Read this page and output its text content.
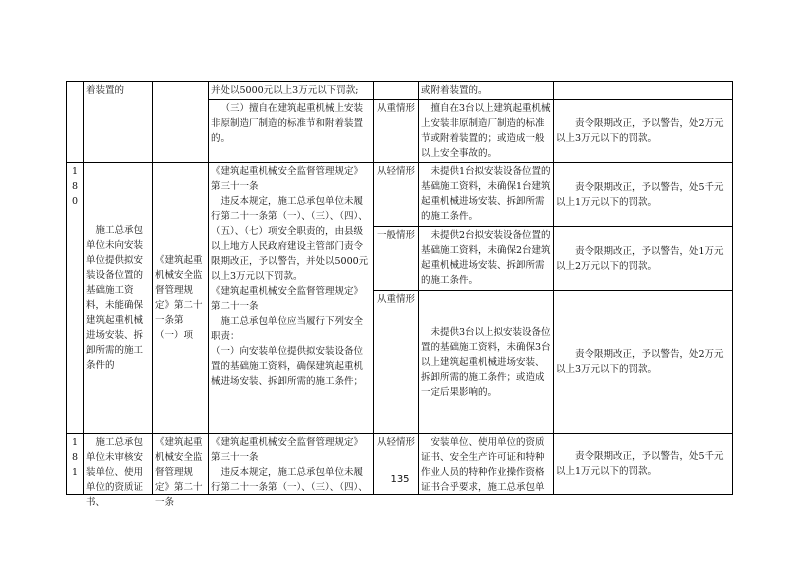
	着装置的		并处以5000元以上3万元以下罚款;		或附着装置的。	
			（三）擅自在建筑起重机械上安装非原制造厂制造的标准节和附着装置的。	从重情形	擅自在3台以上建筑起重机械上安装非原制造厂制造的标准节或附着装置的；或造成一般以上安全事故的。	责令限期改正，予以警告，处2万元以上3万元以下的罚款。
180	施工总承包单位未向安装单位提供拟安装设备位置的基础施工资料，未能确保建筑起重机械进场安装、拆卸所需的施工条件的	《建筑起重机械安全监督管理规定》第二十一条第（一）项	《建筑起重机械安全监督管理规定》第三十一条
违反本规定，施工总承包单位未履行第二十一条第（一）、（三）、（四）、（五）、（七）项安全职责的，由县级以上地方人民政府建设主管部门责令限期改正，予以警告，并处以5000元以上3万元以下罚款。
《建筑起重机械安全监督管理规定》第二十一条
施工总承包单位应当履行下列安全职责：
（一）向安装单位提供拟安装设备位置的基础施工资料，确保建筑起重机械进场安装、拆卸所需的施工条件；	从轻情形	未提供1台拟安装设备位置的基础施工资料，未确保1台建筑起重机械进场安装、拆卸所需的施工条件。	责令限期改正，予以警告，处5千元以上1万元以下的罚款。
				一般情形	未提供2台拟安装设备位置的基础施工资料，未确保2台建筑起重机械进场安装、拆卸所需的施工条件。	责令限期改正，予以警告，处1万元以上2万元以下的罚款。
				从重情形	未提供3台以上拟安装设备位置的基础施工资料，未确保3台以上建筑起重机械进场安装、拆卸所需的施工条件；或造成一定后果影响的。	责令限期改正，予以警告，处2万元以上3万元以下的罚款。
181	施工总承包单位未审核安装单位、使用单位的资质证书、	《建筑起重机械安全监督管理规定》第二十一条	《建筑起重机械安全监督管理规定》第三十一条
违反本规定，施工总承包单位未履行第二十一条第（一）、（三）、（四）、	从轻情形	安装单位、使用单位的资质证书、安全生产许可证和特种作业人员的特种作业操作资格证书合乎要求，施工总承包单	责令限期改正，予以警告，处5千元以上1万元以下的罚款。
135
